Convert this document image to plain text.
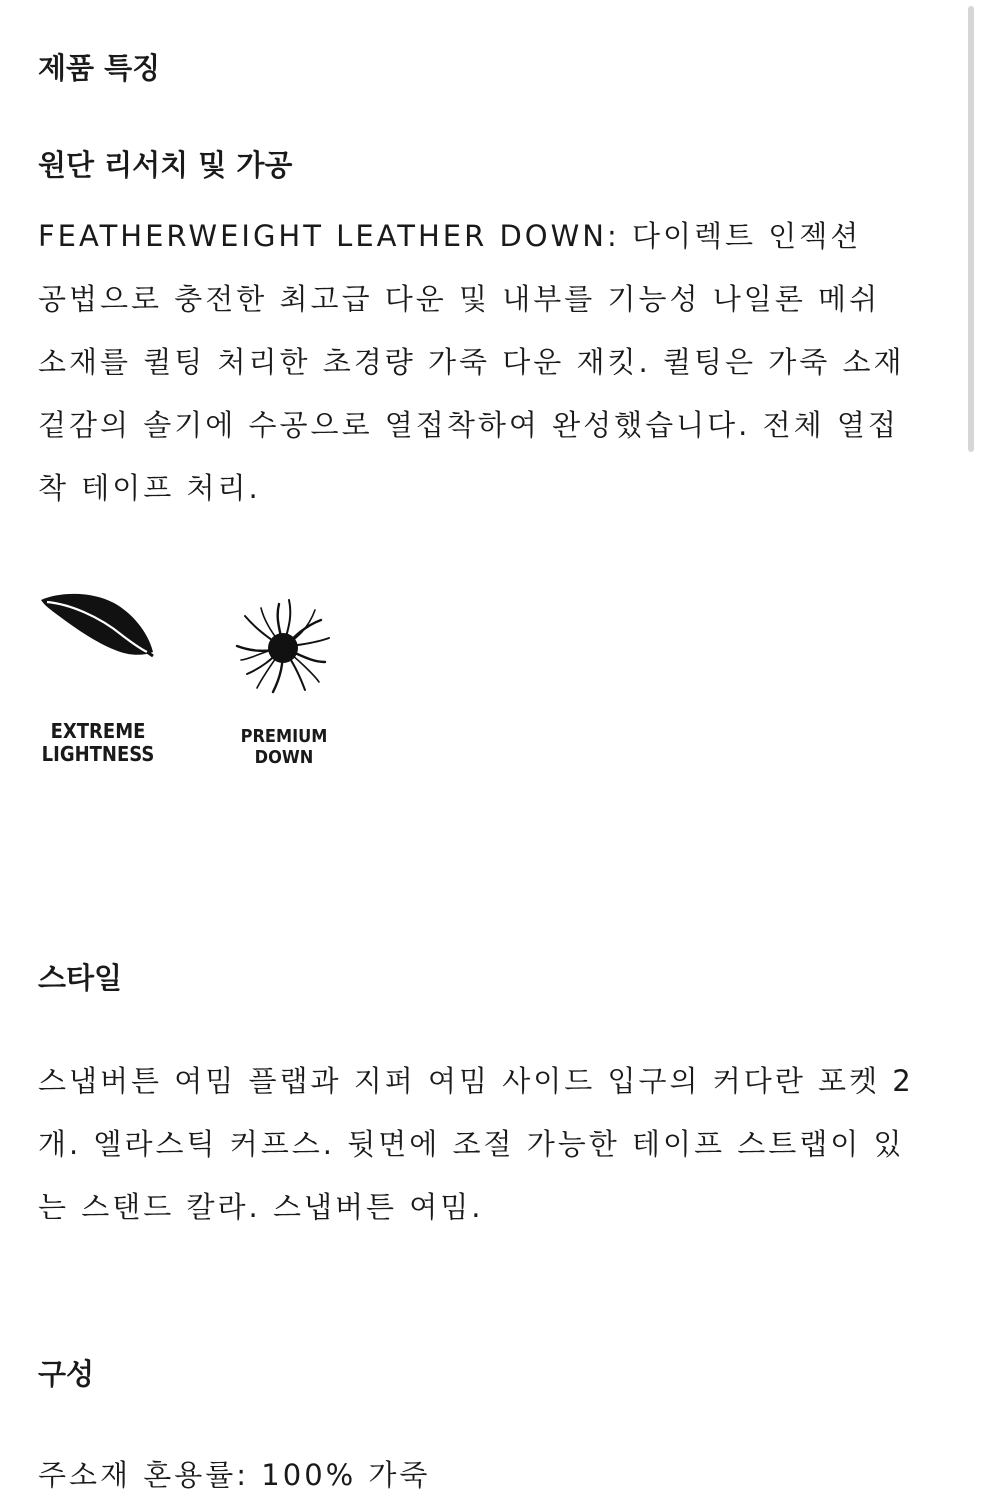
제품 특징
원단 리서치 및 가공
FEATHERWEIGHT LEATHER DOWN: 다이렉트 인젝션
공법으로 충전한 최고급 다운 및 내부를 기능성 나일론 메쉬
소재를 퀼팅 처리한 초경량 가죽 다운 재킷. 퀼팅은 가죽 소재
겉감의 솔기에 수공으로 열접착하여 완성했습니다. 전체 열접
착 테이프 처리.
EXTREME
LIGHTNESS
PREMIUM
DOWN
스타일
스냅버튼 여밈 플랩과 지퍼 여밈 사이드 입구의 커다란 포켓 2
개. 엘라스틱 커프스. 뒷면에 조절 가능한 테이프 스트랩이 있
는 스탠드 칼라. 스냅버튼 여밈.
구성
주소재 혼용률: 100% 가죽
